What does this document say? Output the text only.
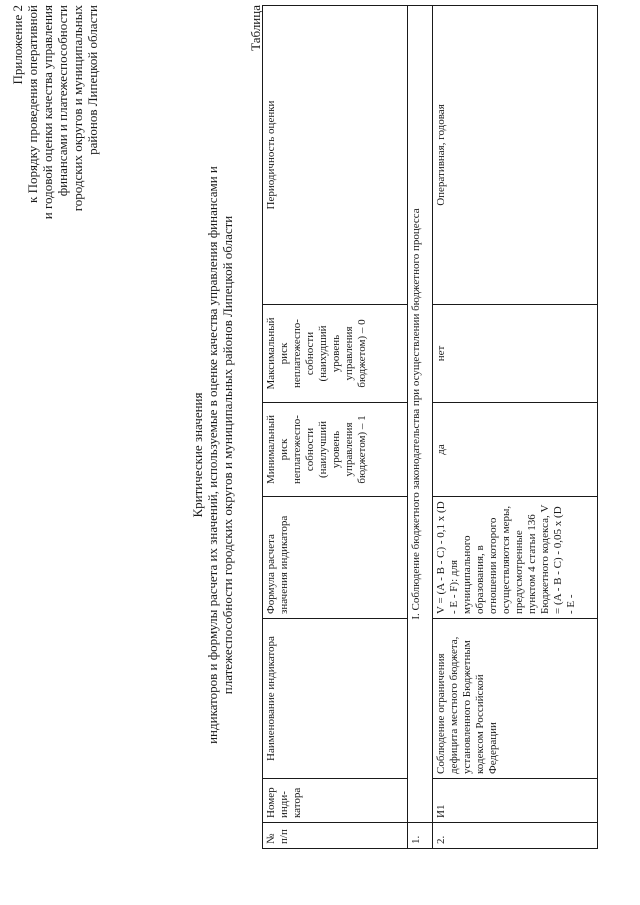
Приложение 2 к Порядку проведения оперативной и годовой оценки качества управления финансами и платежеспособности городских округов и муниципальных районов Липецкой области
Критические значения индикаторов и формулы расчета их значений, используемые в оценке качества управления финансами и платежеспособности городских округов и муниципальных районов Липецкой области
Таблица
№ п/п	Номер инди-катора	Наименование индикатора	Формула расчета значения индикатора	Минимальный риск неплатежеспо-собности (наилучший уровень управления бюджетом) – 1	Максимальный риск неплатежеспо-собности (наихудший уровень управления бюджетом) – 0	Периодичность оценки
1.	I. Соблюдение бюджетного законодательства при осуществлении бюджетного процесса					
2.	И1	Соблюдение ограничения дефицита местного бюджета, установленного Бюджетным кодексом Российской Федерации	V = (A - B - C) - 0,1 x (D - E - F): для муниципального образования, в отношении которого осуществляются меры, предусмотренные пунктом 4 статьи 136 Бюджетного кодекса, V = (A - B - C) - 0,05 x (D - E -	да	нет	Оперативная, годовая
